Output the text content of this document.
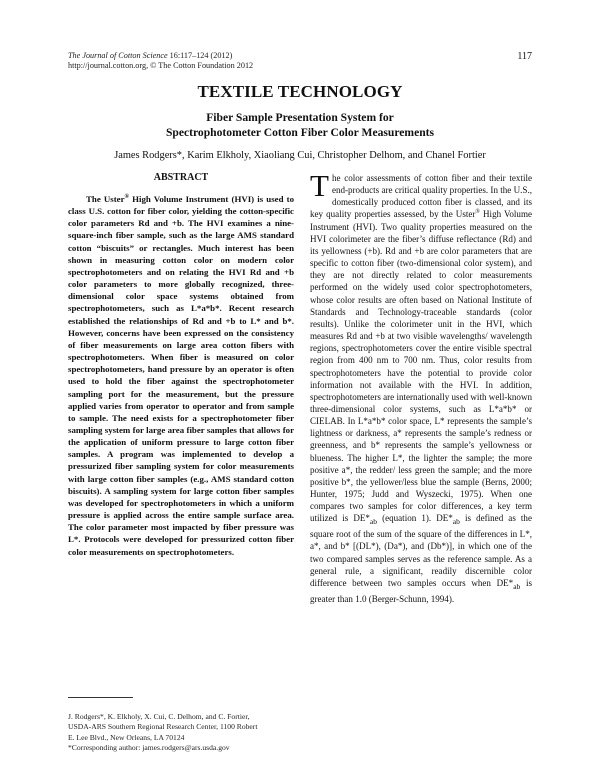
The Journal of Cotton Science 16:117–124 (2012)
http://journal.cotton.org, © The Cotton Foundation 2012
117
TEXTILE TECHNOLOGY
Fiber Sample Presentation System for
Spectrophotometer Cotton Fiber Color Measurements
James Rodgers*, Karim Elkholy, Xiaoliang Cui, Christopher Delhom, and Chanel Fortier
ABSTRACT

The Uster® High Volume Instrument (HVI) is used to class U.S. cotton for fiber color, yielding the cotton-specific color parameters Rd and +b. The HVI examines a nine-square-inch fiber sample, such as the large AMS standard cotton “biscuits” or rectangles. Much interest has been shown in measuring cotton color on modern color spectrophotometers and on relating the HVI Rd and +b color parameters to more globally recognized, three-dimensional color space systems obtained from spectrophotometers, such as L*a*b*. Recent research established the relationships of Rd and +b to L* and b*. However, concerns have been expressed on the consistency of fiber measurements on large area cotton fibers with spectrophotometers. When fiber is measured on color spectrophotometers, hand pressure by an operator is often used to hold the fiber against the spectrophotometer sampling port for the measurement, but the pressure applied varies from operator to operator and from sample to sample. The need exists for a spectrophotometer fiber sampling system for large area fiber samples that allows for the application of uniform pressure to large cotton fiber samples. A program was implemented to develop a pressurized fiber sampling system for color measurements with large cotton fiber samples (e.g., AMS standard cotton biscuits). A sampling system for large cotton fiber samples was developed for spectrophotometers in which a uniform pressure is applied across the entire sample surface area. The color parameter most impacted by fiber pressure was L*. Protocols were developed for pressurized cotton fiber color measurements on spectrophotometers.

J. Rodgers*, K. Elkholy, X. Cui, C. Delhom, and C. Fortier,
USDA-ARS Southern Regional Research Center, 1100 Robert
E. Lee Blvd., New Orleans, LA 70124
*Corresponding author: james.rodgers@ars.usda.gov

The color assessments of cotton fiber and their textile end-products are critical quality properties. In the U.S., domestically produced cotton fiber is classed, and its key quality properties assessed, by the Uster® High Volume Instrument (HVI). Two quality properties measured on the HVI colorimeter are the fiber’s diffuse reflectance (Rd) and its yellowness (+b). Rd and +b are color parameters that are specific to cotton fiber (two-dimensional color system), and they are not directly related to color measurements performed on the widely used color spectrophotometers, whose color results are often based on National Institute of Standards and Technology-traceable standards (color results). Unlike the colorimeter unit in the HVI, which measures Rd and +b at two visible wavelengths/ wavelength regions, spectrophotometers cover the entire visible spectral region from 400 nm to 700 nm. Thus, color results from spectrophotometers have the potential to provide color information not available with the HVI. In addition, spectrophotometers are internationally used with well-known three-dimensional color systems, such as L*a*b* or CIELAB. In L*a*b* color space, L* represents the sample’s lightness or darkness, a* represents the sample’s redness or greenness, and b* represents the sample’s yellowness or blueness. The higher L*, the lighter the sample; the more positive a*, the redder/ less green the sample; and the more positive b*, the yellower/less blue the sample (Berns, 2000; Hunter, 1975; Judd and Wyszecki, 1975). When one compares two samples for color differences, a key term utilized is $DE*_{ab}$ (equation 1). $DE*_{ab}$ is defined as the square root of the sum of the square of the differences in L*, a*, and b* [(DL*), (Da*), and (Db*)], in which one of the two compared samples serves as the reference sample. As a general rule, a significant, readily discernible color difference between two samples occurs when $DE*_{ab}$ is greater than 1.0 (Berger-Schunn, 1994).
